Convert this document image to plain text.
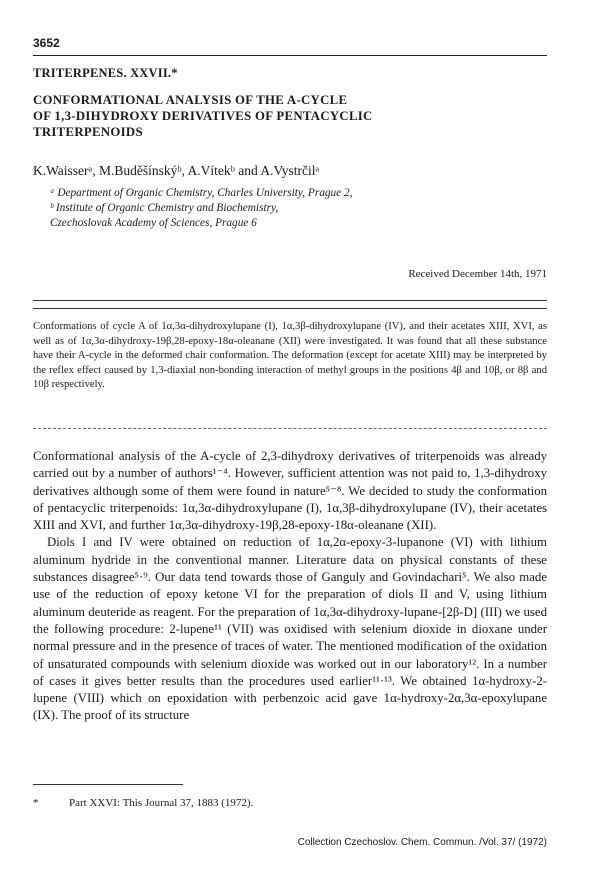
3652
TRITERPENES. XXVII.*
CONFORMATIONAL ANALYSIS OF THE A-CYCLE
OF 1,3-DIHYDROXY DERIVATIVES OF PENTACYCLIC
TRITERPENOIDS
K.Waisserᵃ, M.Buděšínskýᵇ, A.Vítekᵇ and A.Vystrčilᵃ

ᵃ Department of Organic Chemistry, Charles University, Prague 2,

ᵇ Institute of Organic Chemistry and Biochemistry,

Czechoslovak Academy of Sciences, Prague 6

Received December 14th, 1971

Conformations of cycle A of 1α,3α-dihydroxylupane (I), 1α,3β-dihydroxylupane (IV), and their acetates XIII, XVI, as well as of 1α,3α-dihydroxy-19β,28-epoxy-18α-oleanane (XII) were investigated. It was found that all these substance have their A-cycle in the deformed chair conformation. The deformation (except for acetate XIII) may be interpreted by the reflex effect caused by 1,3-diaxial non-bonding interaction of methyl groups in the positions 4β and 10β, or 8β and 10β respectively.

Conformational analysis of the A-cycle of 2,3-dihydroxy derivatives of triterpenoids was already carried out by a number of authors¹⁻⁴. However, sufficient attention was not paid to, 1,3-dihydroxy derivatives although some of them were found in nature⁵⁻⁸. We decided to study the conformation of pentacyclic triterpenoids: 1α,3α-dihydroxylupane (I), 1α,3β-dihydroxylupane (IV), their acetates XIII and XVI, and further 1α,3α-dihydroxy-19β,28-epoxy-18α-oleanane (XII).

Diols I and IV were obtained on reduction of 1α,2α-epoxy-3-lupanone (VI) with lithium aluminum hydride in the conventional manner. Literature data on physical constants of these substances disagree⁵·⁹. Our data tend towards those of Ganguly and Govindachari⁵. We also made use of the reduction of epoxy ketone VI for the preparation of diols II and V, using lithium aluminum deuteride as reagent. For the preparation of 1α,3α-dihydroxy-lupane-[2β-D] (III) we used the following procedure: 2-lupene¹¹ (VII) was oxidised with selenium dioxide in dioxane under normal pressure and in the presence of traces of water. The mentioned modification of the oxidation of unsaturated compounds with selenium dioxide was worked out in our laboratory¹². In a number of cases it gives better results than the procedures used earlier¹¹·¹³. We obtained 1α-hydroxy-2-lupene (VIII) which on epoxidation with perbenzoic acid gave 1α-hydroxy-2α,3α-epoxylupane (IX). The proof of its structure

*	Part XXVI: This Journal 37, 1883 (1972).
Collection Czechoslov. Chem. Commun. /Vol. 37/ (1972)
